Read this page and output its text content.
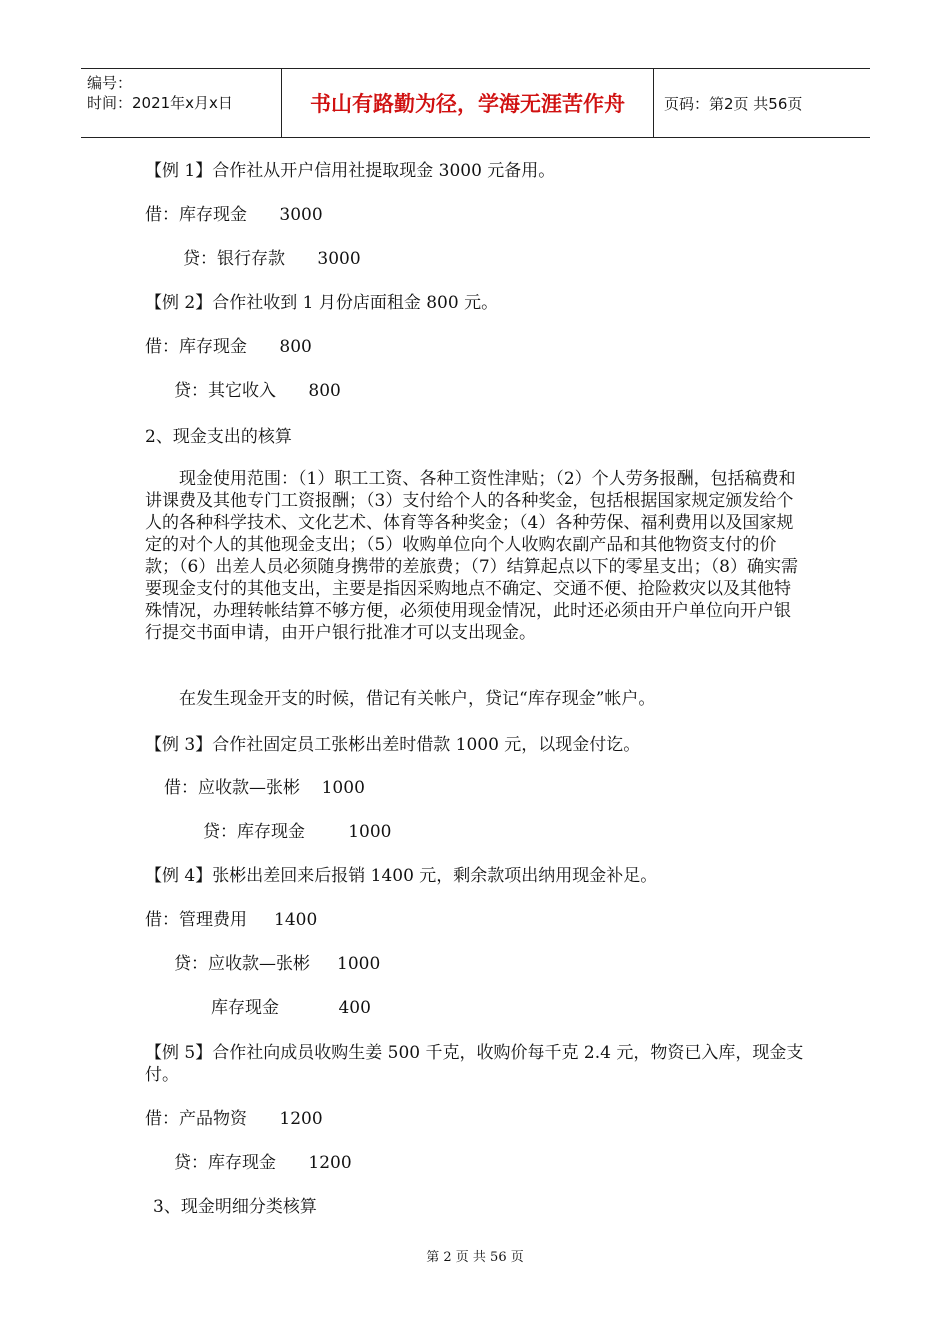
编号：
时间：2021年x月x日	书山有路勤为径，学海无涯苦作舟	页码：第2页 共56页
【例 1】合作社从开户信用社提取现金 3000 元备用。
借：库存现金      3000
贷：银行存款      3000
【例 2】合作社收到 1 月份店面租金 800 元。
借：库存现金      800
贷：其它收入      800
2、现金支出的核算
现金使用范围：（1）职工工资、各种工资性津贴；（2）个人劳务报酬，包括稿费和讲课费及其他专门工资报酬；（3）支付给个人的各种奖金，包括根据国家规定颁发给个人的各种科学技术、文化艺术、体育等各种奖金；（4）各种劳保、福利费用以及国家规定的对个人的其他现金支出；（5）收购单位向个人收购农副产品和其他物资支付的价款；（6）出差人员必须随身携带的差旅费；（7）结算起点以下的零星支出；（8）确实需要现金支付的其他支出，主要是指因采购地点不确定、交通不便、抢险救灾以及其他特殊情况，办理转帐结算不够方便，必须使用现金情况，此时还必须由开户单位向开户银行提交书面申请，由开户银行批准才可以支出现金。
在发生现金开支的时候，借记有关帐户，贷记“库存现金”帐户。
【例 3】合作社固定员工张彬出差时借款 1000 元，以现金付讫。
借：应收款—张彬    1000
贷：库存现金        1000
【例 4】张彬出差回来后报销 1400 元，剩余款项出纳用现金补足。
借：管理费用     1400
贷：应收款—张彬     1000
库存现金           400
【例 5】合作社向成员收购生姜 500 千克，收购价每千克 2.4 元，物资已入库，现金支付。
借：产品物资      1200
贷：库存现金      1200
3、现金明细分类核算
第 2 页 共 56 页
